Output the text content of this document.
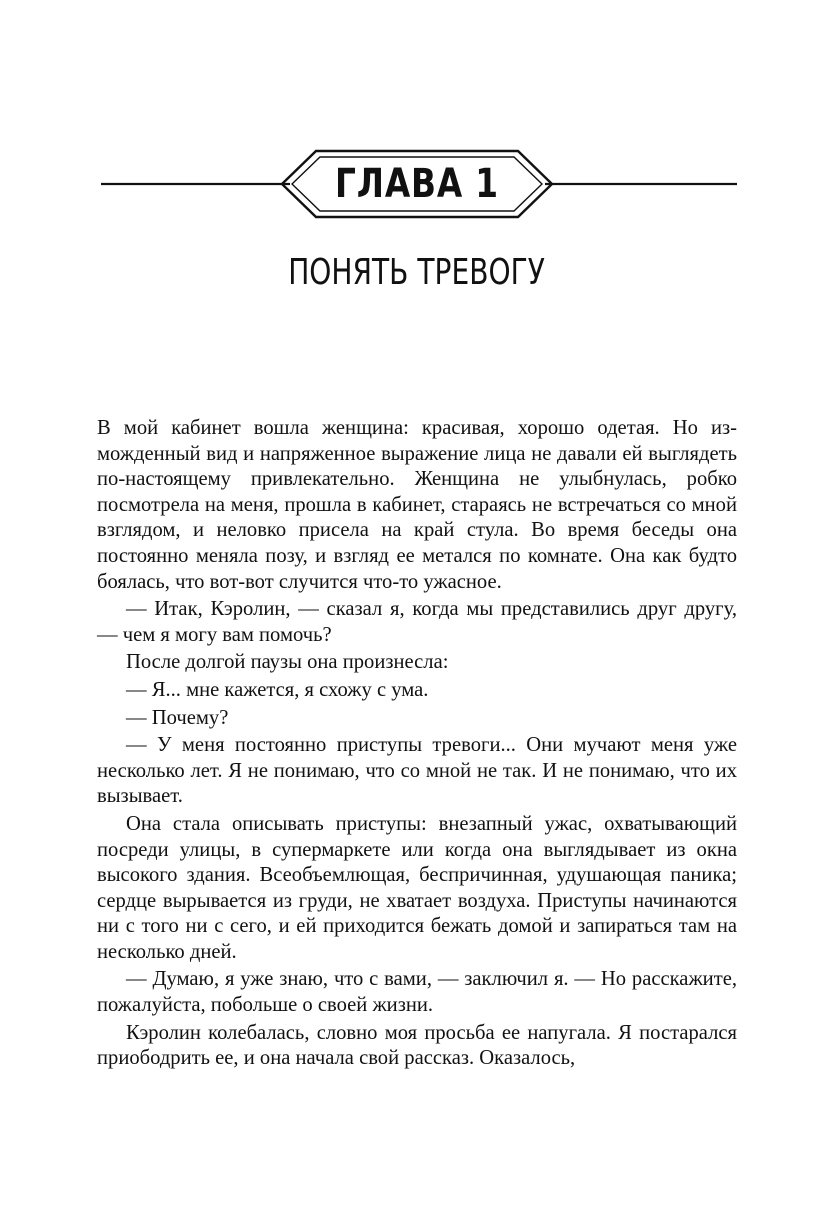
ГЛАВА 1
ПОНЯТЬ ТРЕВОГУ

В мой кабинет вошла женщина: красивая, хорошо одетая. Но изможденный вид и напряженное выражение лица не давали ей выглядеть по-настоящему привлекательно. Женщина не улыбнулась, робко посмотрела на меня, прошла в кабинет, стараясь не встречаться со мной взглядом, и неловко присела на край стула. Во время беседы она постоянно меняла позу, и взгляд ее метался по комнате. Она как будто боялась, что вот-вот случится что-то ужасное.

— Итак, Кэролин, — сказал я, когда мы представились друг другу, — чем я могу вам помочь?

После долгой паузы она произнесла:

— Я... мне кажется, я схожу с ума.

— Почему?

— У меня постоянно приступы тревоги... Они мучают меня уже несколько лет. Я не понимаю, что со мной не так. И не понимаю, что их вызывает.

Она стала описывать приступы: внезапный ужас, охватывающий посреди улицы, в супермаркете или когда она выглядывает из окна высокого здания. Всеобъемлющая, беспричинная, удушающая паника; сердце вырывается из груди, не хватает воздуха. Приступы начинаются ни с того ни с сего, и ей приходится бежать домой и запираться там на несколько дней.

— Думаю, я уже знаю, что с вами, — заключил я. — Но расскажите, пожалуйста, побольше о своей жизни.

Кэролин колебалась, словно моя просьба ее напугала. Я постарался приободрить ее, и она начала свой рассказ. Оказалось,
